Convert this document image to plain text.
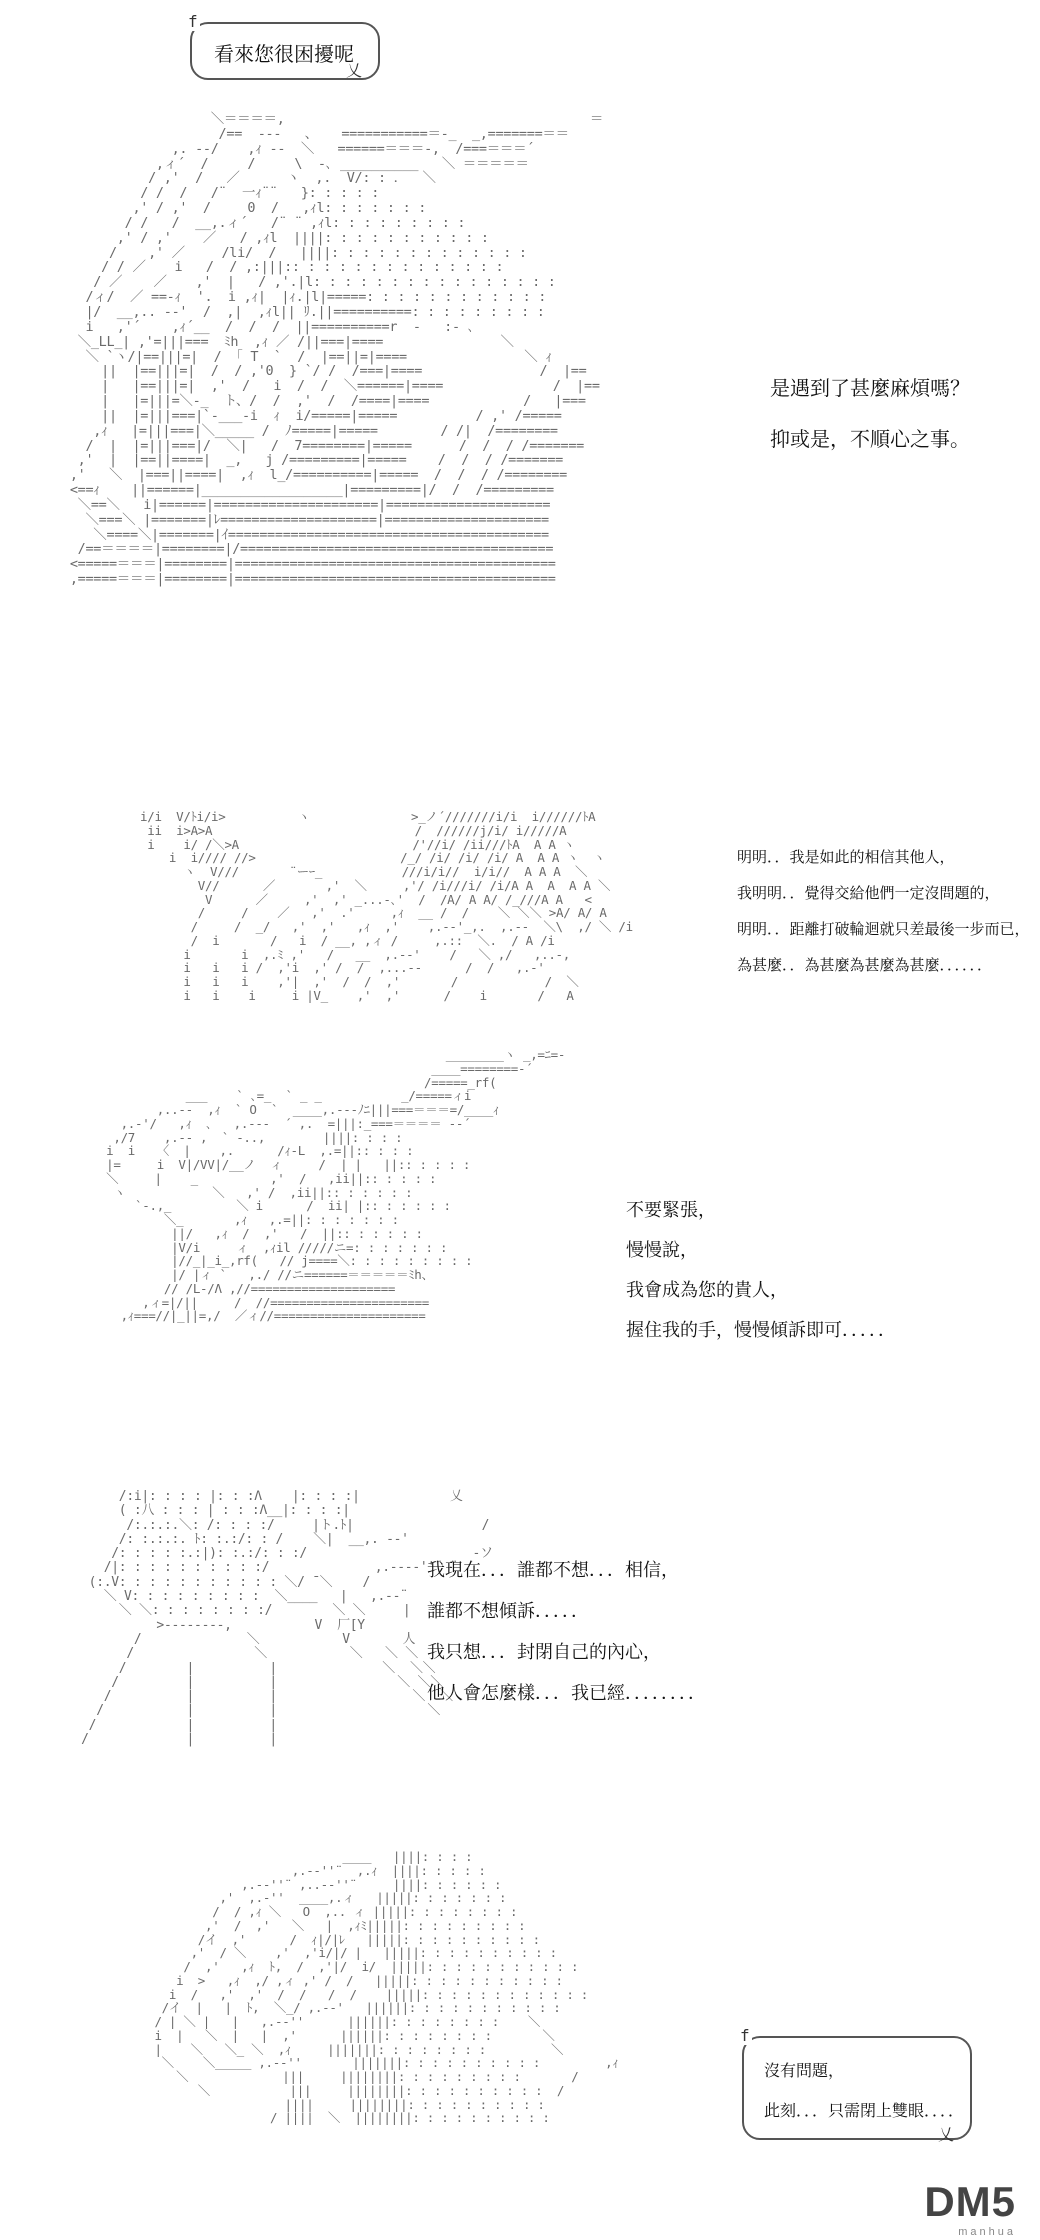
看來您很困擾呢
f
乂
＼＝＝＝＝,                                       ＝
/==  ---   、   ===========＝-_  _,=======＝＝
,. -‐/ 　 ,ｨ ‐‐  ＼   ======＝＝＝-,  /===＝＝＝´
,ィ´  /     /     \  -､ __________   ＼ ＝＝＝＝＝
/ ,'  /   ／      ヽ  ,.  V/: : ．  ＼ 　
/ /  /   /¨  一ｨ¨¨   }: : : : :
,' / ,'  / 　  0  /   ,ｨl: : : : : : :
/ /   /  __,.ィ´   /¨ ¨ ,ｨl: : : : : : : : :
,' / ,'    ／   / ,ｨl  ||||: : : : : : : : : : :
/    ,' ／ 　  /li/  /   ||||: : : : : : : : : : : : :
/ / ／ 　 i   /  / ,:|||:: : : : : : : : : : : : : :
/ ／    ／ 　 ,'  |   / ,'.|l: : : : : : : : : : : : : : : :
/ィ/  ／ ==-ｨ  '.  i ,ｨ|  |ｨ.|l|=====: : : : : : : : : : : :
|/  __,.. -‐'  /  ,|  ,ｨl|| ﾘ.||==========: : : : : : : : :
i   ,'´    ,ｨ´__  /  /  /  ||==========r  -   :‐ ､
＼_LL_| ,'=|||===  ﾐh  ,ｨ ／ /||===|====               ＼
＼ `ヽ/|==|||=|  / 「 T  `  /  |==||=|====               ＼ ｨ
||  |==|||=|  /  / ,'0  } `/ /  /===|====               /  |==
|   |==|||=|  ,'  /   i  /  /  ＼======|====              /  |==
|   |=|||=＼-_  ト、/  /  ,'  /  /====|====            /   |===
||  |=|||===|`-___-i  ｨ  i/=====|=====          / ,' /=====
,ｨ   |=|||===|＼_____ /  ﾉ=====|=====        / /|  /========
/  |  |=|||===|/  ＼|   /  7========|=====      /  /  / /=======
,'  |  |==||====|  _,   j /=========|=====    /  /  / /=======
,'   ＼  |===||====|  ,ｨ  l_/==========|=====  /  /  / /========
<==ｨ    ||======|__________________|=========|/  /  /=========
＼==＼   i|======|=====================|=====================
＼===＼ |=======|ﾚ====================|=====================
＼====＼|=======|ｲ=========================================
/==＝＝＝＝|========|/========================================
<=====＝＝＝|========|=========================================
,=====＝＝＝|========|=========================================
是遇到了甚麼麻煩嗎？
抑或是，不順心之事。
i/i  V/ﾄi/i>          ヽ              >_ノ´///////i/i  i//////ﾄA
ii  i>A>A                            /  //////j/i/ i/////A
i    i/ /＼>A                        /'//i/ /ii///ﾄA  A A ヽ
i  i//// //>                    /_/ /i/ /i/ /i/ A  A A ヽ  ヽ
ヽ  V///       ¨ーｰ_           ///i/i//  i/i//  A A A  ＼
V//      ／       ,'  ＼     ,'/ /i///i/ /i/A A  A  A A ＼
V      ／     ,'  ,' _...-､'  /  /A/ A A/ /_///A A   <
/     /    ／   ,'  .'     ,ｨ  __ /  /    ＼ ＼＼ >A/ A/ A
/     /  _/   ,'  ,'   ,ｨ  ,'    ,.-‐'_,.  ,.-‐  ＼\  ,/ ＼ /i
/  i       /   i  / __, ,ィ /     ,.::  ＼.  / A /i
i       i  ,.ﾐ ,'   /   __  ,.-‐'    /   ＼ ,/   ,..-,
i   i   i /  ,'i  ,' /  /  ,...-‐      /  /   ,.-'
i   i   i    ,'|  ,'  /  /  ,'       /            /  ＼
i   i    i     i |V_    ,'  ,'      /    i       /   A
明明．．我是如此的相信其他人，
我明明．．覺得交給他們一定沒問題的，
明明．．距離打破輪迴就只差最後一步而已，
為甚麼．．為甚麼為甚麼為甚麼．．．．．．
________ヽ _,=ﾆ=-
____========‐´
/=====_rf(
___    ` ､=_  ` _ _           _/=====ィi
,..-‐  ,ｨ  ` O  `  ____,.-‐‐ﾉﾆ|||===＝＝＝=/____ｨ
,.-'/   ,ｨ  ､   ,.--‐  ´ ,.  =|||:_===＝＝＝＝ -‐´
,/7    ,.-‐ ,  ` ‐..,        ||||: : : :
i  i   〈  |    ,.      /ｨ‐L  ,.=||:: : : :
|=     i  V|/VV|/__ノ  ィ     /  | |   ||:: : : : :
＼     |    _          ,'  /   ,ii||:: : : : :
ヽ            ＼   ,' /  ,ii||:: : : : : :
`‐.,_         ＼ i      /  ii| |:: : : : : :
＼_       ,ｨ   ,.=||: : : : : : :
||/   ,ｨ  /  ,'   /  ||:: : : : : :
|V/i     ィ  ,ｨil /////ニ=: : : : : : :
|//_|_i_,rf(   // j====＼: : : : : : : : :
|/ |ィ `   ,./ //ニ======＝＝＝＝＝ﾐh、
// /L‐/Λ ,//====================
,ィ=|/||     /  //======================
,ｨ===//|_||=,/  ／ィ//=====================
不要緊張，
慢慢說，
我會成為您的貴人，
握住我的手，慢慢傾訴即可．．．．．
/:i|: : : : |: : :Λ    |: : : :|            乂
( :八 : : : | : : :Λ__|: : : :|
/:.:.:.＼: /: : : :/     |ト.ﾄ|                 /
/: :.:.:. ﾄ: :.:/: : /    ＼|  __,. -‐'
/: : : : :.:|): :.:/: : :/                      -ソ
/|: : : : : : : : : :/              ,.---‐''¨ ¨
(:.V: : : : : : : : : : : ＼/ ̄ ＼    /
＼ V: : : : : : : : :  ＼____   |   ,.-‐¨
＼ ＼: : : : : : : :/        ＼ ＼     |
>‐-----‐‐,           V  厂[Y
/              ＼           V       人
/                ＼           ＼   ＼ ＼
/        |          |              ＼  ＼＼
/         |          |                ＼ ＼＼
/          |          |                  ＼  ＼
/           |          |                    ＼
/            |          |
/             |          |
我現在．．．誰都不想．．．相信，
誰都不想傾訴．．．．．
我只想．．．封閉自己的內心，
他人會怎麼樣．．．我已經．．．．．．．．
____   ||||: : : :
,.-‐''¨  ,.ｨ  ||||: : : : :
,.-‐''¨ ,..-‐''¨     ||||: : : : : :
,'  ,.-''  ____,.ィ   |||||: : : : : : :
/  / ,ｨ ＼   O  ,.. ィ |||||: : : : : : : :
,'  /  ,'   ＼   |  ,ｨﾐ|||||: : : : : : : : :
/イ  ,'      /  ｨ|/|ﾚ   |||||: : : : : : : : : :
,'  / ＼    ,'  ,'i/|/ |   |||||: : : : : : : : : :
/  ,'   ,ｨ  ﾄ,  /  ,'|/  i/  |||||: : : : : : : : : : :
i  >   ,ｨ  ,/ ,ィ ,' /  /   |||||: : : : : : : : : : :
i  /   ,'  ,'  /  /   /  /    |||||: : : : : : : : : : : :
/イ  |   |  ﾄ,  ＼_/ ,.-‐'   ||||||: : : : : : : : : : :
/ | ＼ |   |   ,.-‐''      ||||||: : : : : : : :    ＼
i  |   ＼  |   |  ,'      ||||||: : : : : : : :       ＼
|    ＼   ＼_ ＼  ,ｨ     |||||||: : : : : : : :         ＼
＼    ＼_____ ,.-‐''       |||||||: : : : : : : : : :         ,ｨ
＼             |||     ||||||||: : : : : : : : :       /
＼           |||     ||||||||: : : : : : : : : :  /
||||     ||||||||: : : : : : : : : :
/ ||||  ＼  ||||||||: : : : : : : : : :
沒有問題，
此刻．．．只需閉上雙眼．．．．
f
乂
DM5
manhua
